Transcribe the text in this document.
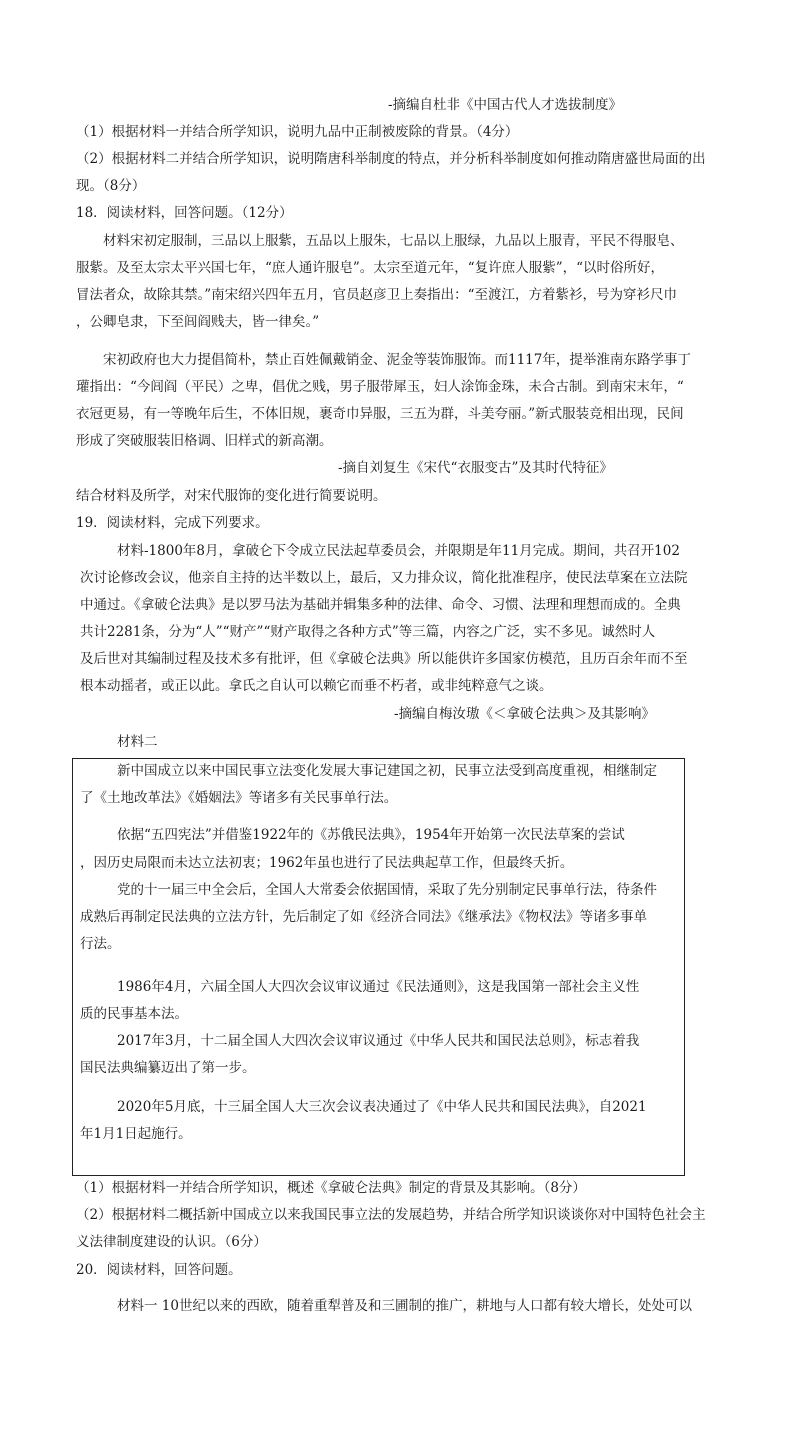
-摘编自杜非《中国古代人才选拔制度》
（1）根据材料一并结合所学知识，说明九品中正制被废除的背景。（4分）
（2）根据材料二并结合所学知识，说明隋唐科举制度的特点，并分析科举制度如何推动隋唐盛世局面的出
现。（8分）
18．阅读材料，回答问题。（12分）
材料宋初定服制，三品以上服紫，五品以上服朱，七品以上服绿，九品以上服青，平民不得服皂、
服紫。及至太宗太平兴国七年，“庶人通许服皂”。太宗至道元年，“复许庶人服紫”，“以时俗所好，
冒法者众，故除其禁。”南宋绍兴四年五月，官员赵彦卫上奏指出：“至渡江，方着紫衫，号为穿衫尺巾
，公卿皂隶，下至闾阎贱夫，皆一律矣。”
宋初政府也大力提倡简朴，禁止百姓佩戴销金、泥金等装饰服饰。而1117年，提举淮南东路学事丁
瓘指出：“今闾阎（平民）之卑，倡优之贱，男子服带犀玉，妇人涂饰金珠，未合古制。到南宋末年，“
衣冠更易，有一等晚年后生，不体旧规，裹奇巾异服，三五为群，斗美夸丽。”新式服装竞相出现，民间
形成了突破服装旧格调、旧样式的新高潮。
-摘自刘复生《宋代“衣服变古”及其时代特征》
结合材料及所学，对宋代服饰的变化进行简要说明。
19．阅读材料，完成下列要求。
材料-1800年8月，拿破仑下令成立民法起草委员会，并限期是年11月完成。期间，共召开102
次讨论修改会议，他亲自主持的达半数以上，最后，又力排众议，简化批准程序，使民法草案在立法院
中通过。《拿破仑法典》是以罗马法为基础并辑集多种的法律、命令、习惯、法理和理想而成的。全典
共计2281条，分为“人”“财产”“财产取得之各种方式”等三篇，内容之广泛，实不多见。诚然时人
及后世对其编制过程及技术多有批评，但《拿破仑法典》所以能供许多国家仿模范，且历百余年而不至
根本动摇者，或正以此。拿氏之自认可以赖它而垂不朽者，或非纯粹意气之谈。
-摘编自梅汝璈《＜拿破仑法典＞及其影响》
材料二
新中国成立以来中国民事立法变化发展大事记建国之初，民事立法受到高度重视，相继制定
了《土地改革法》《婚姻法》等诸多有关民事单行法。
依据“五四宪法”并借鉴1922年的《苏俄民法典》，1954年开始第一次民法草案的尝试
，因历史局限而未达立法初衷；1962年虽也进行了民法典起草工作，但最终夭折。
党的十一届三中全会后，全国人大常委会依据国情，采取了先分别制定民事单行法，待条件
成熟后再制定民法典的立法方针，先后制定了如《经济合同法》《继承法》《物权法》等诸多事单
行法。
1986年4月，六届全国人大四次会议审议通过《民法通则》，这是我国第一部社会主义性
质的民事基本法。
2017年3月，十二届全国人大四次会议审议通过《中华人民共和国民法总则》，标志着我
国民法典编纂迈出了第一步。
2020年5月底，十三届全国人大三次会议表决通过了《中华人民共和国民法典》，自2021
年1月1日起施行。
（1）根据材料一并结合所学知识，概述《拿破仑法典》制定的背景及其影响。（8分）
（2）根据材料二概括新中国成立以来我国民事立法的发展趋势，并结合所学知识谈谈你对中国特色社会主
义法律制度建设的认识。（6分）
20．阅读材料，回答问题。
材料一 10世纪以来的西欧，随着重犁普及和三圃制的推广，耕地与人口都有较大增长，处处可以
